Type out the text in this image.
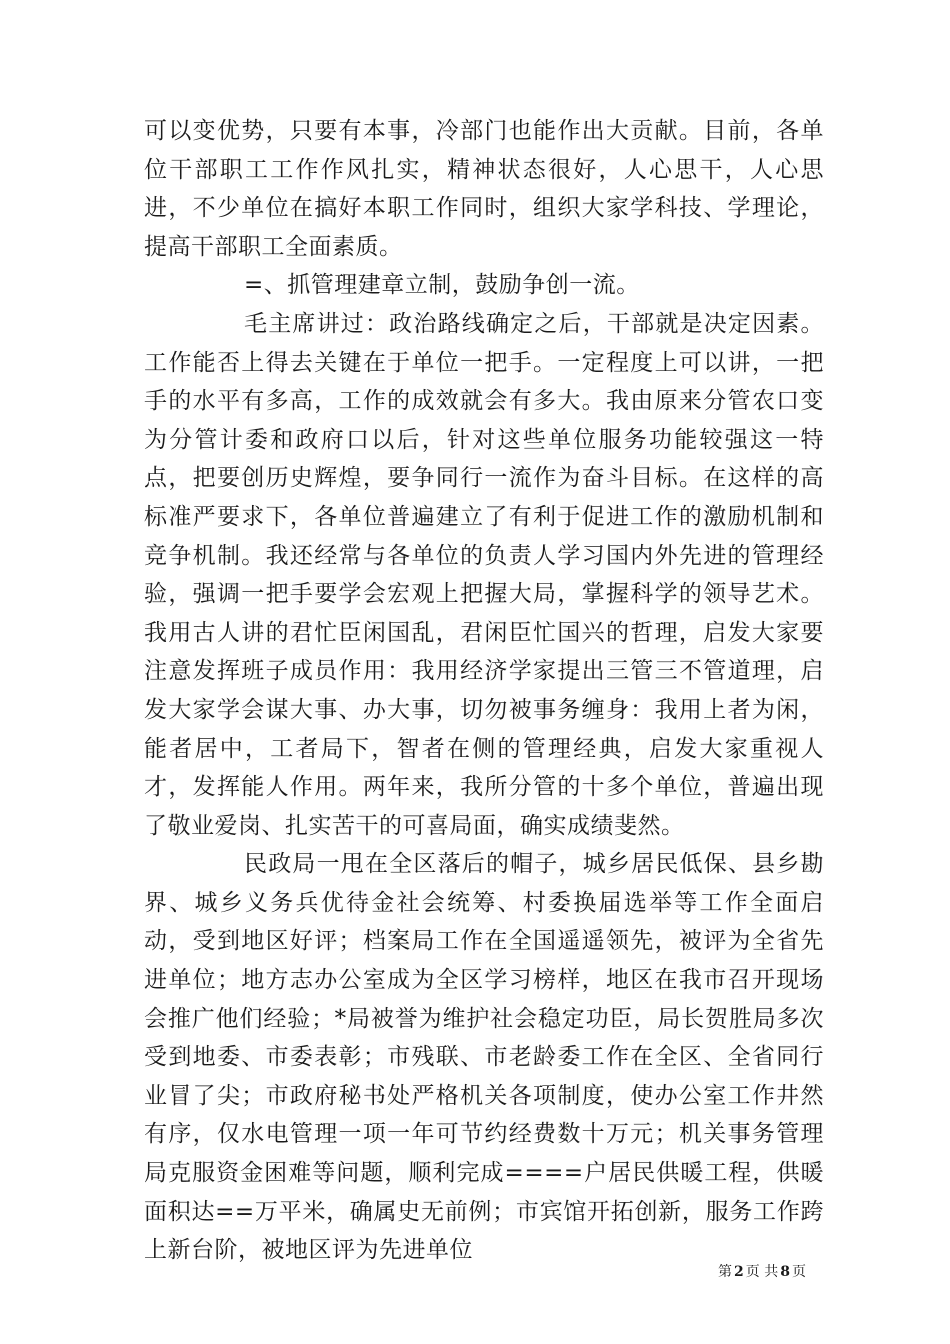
可以变优势，只要有本事，冷部门也能作出大贡献。目前，各单位干部职工工作作风扎实，精神状态很好，人心思干，人心思进，不少单位在搞好本职工作同时，组织大家学科技、学理论，提高干部职工全面素质。

=、抓管理建章立制，鼓励争创一流。

毛主席讲过：政治路线确定之后，干部就是决定因素。工作能否上得去关键在于单位一把手。一定程度上可以讲，一把手的水平有多高，工作的成效就会有多大。我由原来分管农口变为分管计委和政府口以后，针对这些单位服务功能较强这一特点，把要创历史辉煌，要争同行一流作为奋斗目标。在这样的高标准严要求下，各单位普遍建立了有利于促进工作的激励机制和竞争机制。我还经常与各单位的负责人学习国内外先进的管理经验，强调一把手要学会宏观上把握大局，掌握科学的领导艺术。我用古人讲的君忙臣闲国乱，君闲臣忙国兴的哲理，启发大家要注意发挥班子成员作用：我用经济学家提出三管三不管道理，启发大家学会谋大事、办大事，切勿被事务缠身：我用上者为闲，能者居中，工者局下，智者在侧的管理经典，启发大家重视人才，发挥能人作用。两年来，我所分管的十多个单位，普遍出现了敬业爱岗、扎实苦干的可喜局面，确实成绩斐然。

民政局一甩在全区落后的帽子，城乡居民低保、县乡勘界、城乡义务兵优待金社会统筹、村委换届选举等工作全面启动，受到地区好评；档案局工作在全国遥遥领先，被评为全省先进单位；地方志办公室成为全区学习榜样，地区在我市召开现场会推广他们经验；*局被誉为维护社会稳定功臣，局长贺胜局多次受到地委、市委表彰；市残联、市老龄委工作在全区、全省同行业冒了尖；市政府秘书处严格机关各项制度，使办公室工作井然有序，仅水电管理一项一年可节约经费数十万元；机关事务管理局克服资金困难等问题，顺利完成====户居民供暖工程，供暖面积达==万平米，确属史无前例；市宾馆开拓创新，服务工作跨上新台阶，被地区评为先进单位

第 2 页 共 8 页
